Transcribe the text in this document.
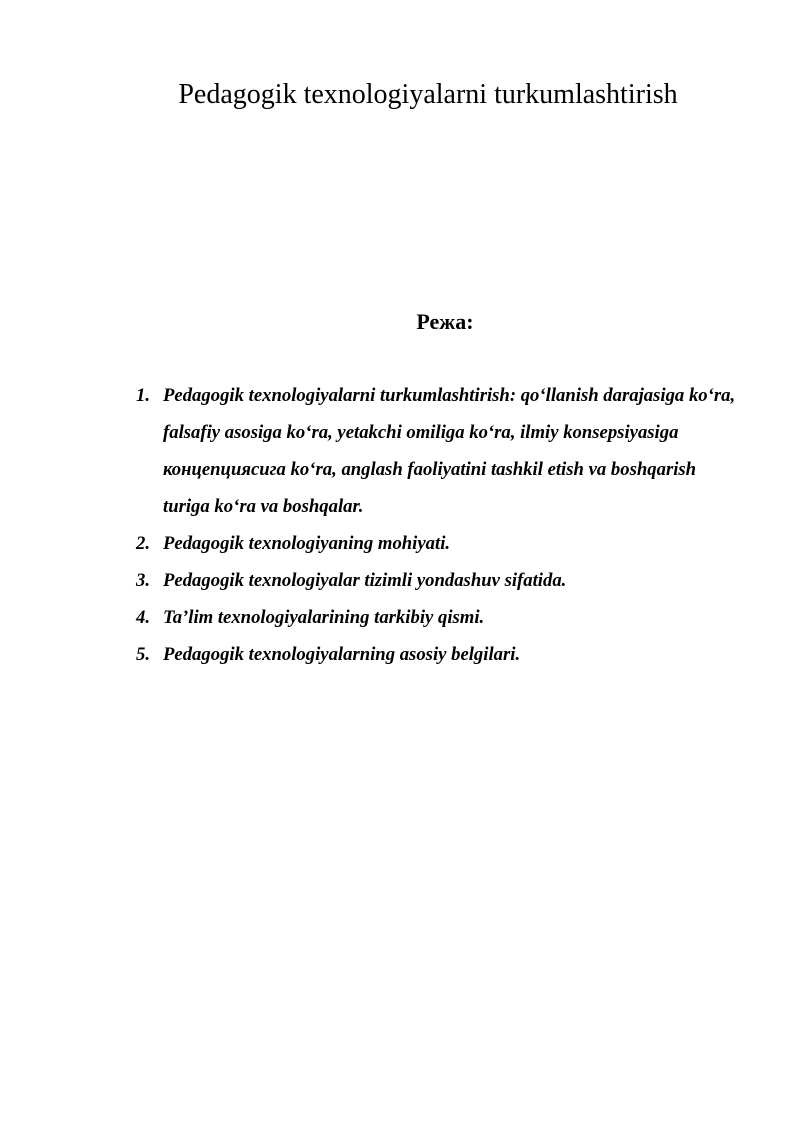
Pedagogik texnologiyalarni turkumlashtirish
Режа:
1. Pedagogik texnologiyalarni turkumlashtirish: qo‘llanish darajasiga ko‘ra, falsafiy asosiga ko‘ra, yetakchi omiliga ko‘ra, ilmiy konsepsiyasiga концепциясига ko‘ra, anglash faoliyatini tashkil etish va boshqarish turiga ko‘ra va boshqalar.
2. Pedagogik texnologiyaning mohiyati.
3. Pedagogik texnologiyalar tizimli yondashuv sifatida.
4. Ta’lim texnologiyalarining tarkibiy qismi.
5. Pedagogik texnologiyalarning asosiy belgilari.
